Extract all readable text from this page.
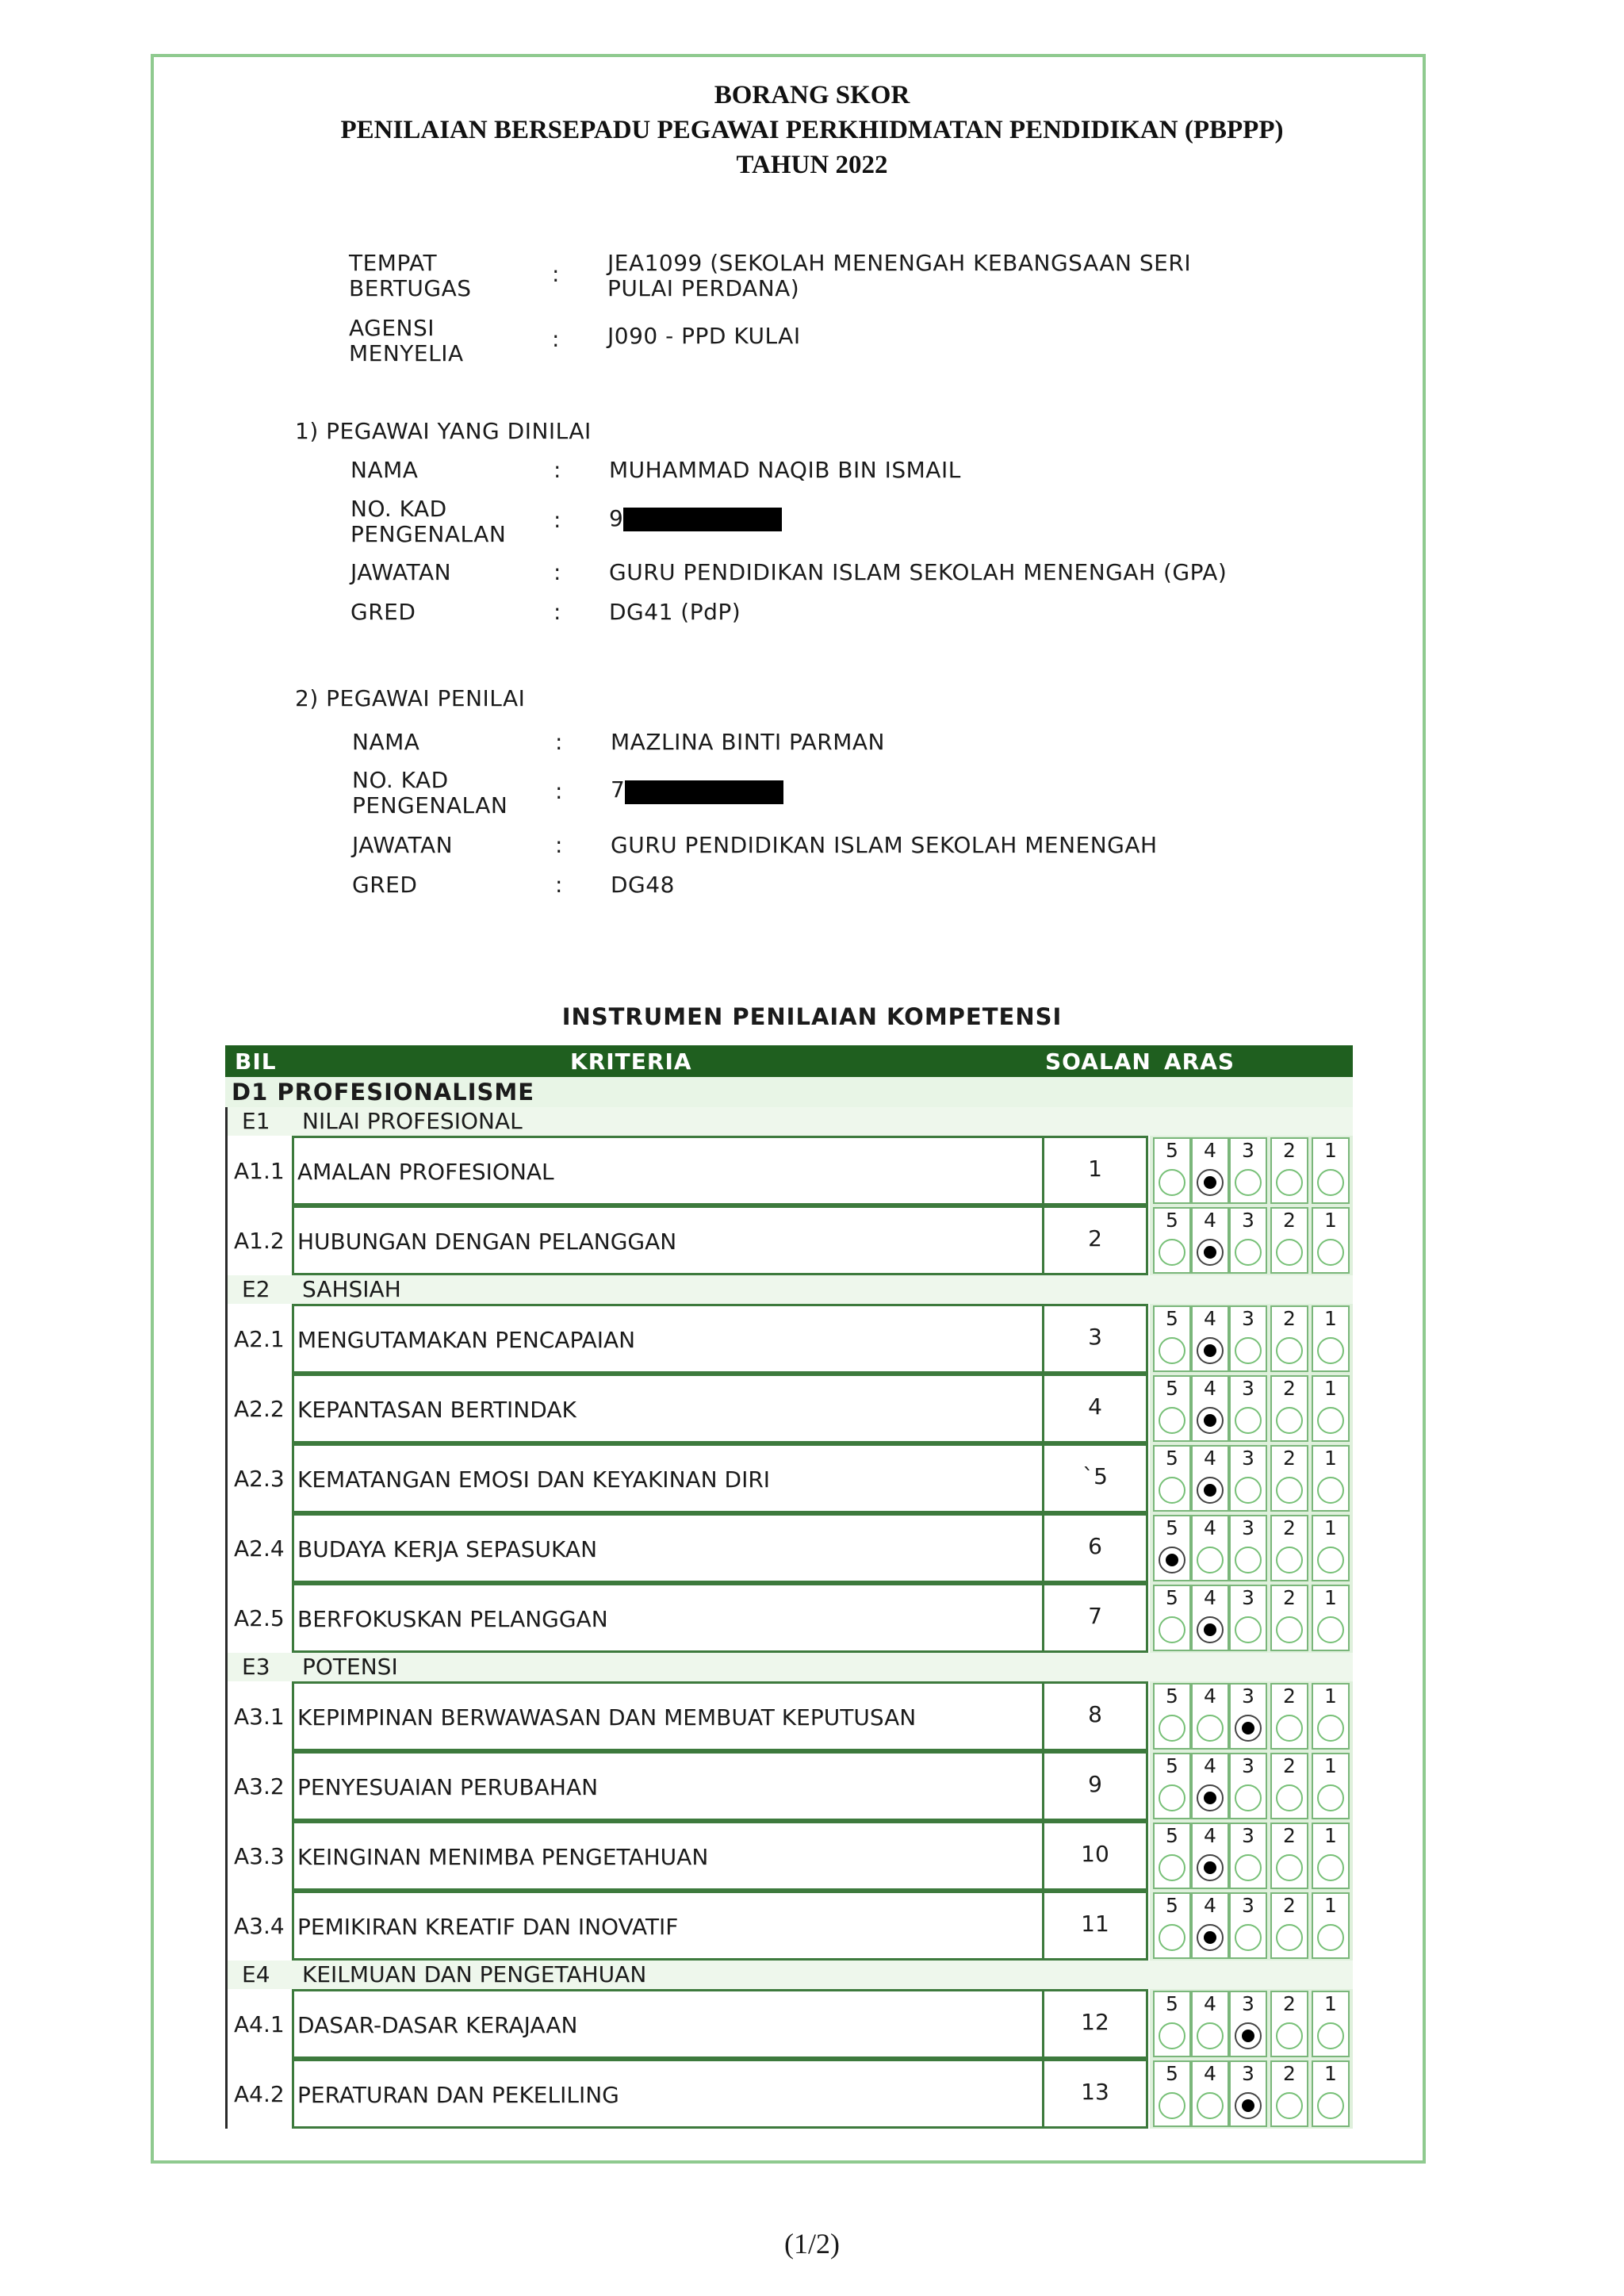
BORANG SKOR
PENILAIAN BERSEPADU PEGAWAI PERKHIDMATAN PENDIDIKAN (PBPPP)
TAHUN 2022
TEMPAT
BERTUGAS
: JEA1099 (SEKOLAH MENENGAH KEBANGSAAN SERI
PULAI PERDANA)
AGENSI
MENYELIA
: J090 - PPD KULAI
1) PEGAWAI YANG DINILAI
NAMA	: MUHAMMAD NAQIB BIN ISMAIL
NO. KAD
PENGENALAN
: 9
JAWATAN	: GURU PENDIDIKAN ISLAM SEKOLAH MENENGAH (GPA)
GRED	: DG41 (PdP)
2) PEGAWAI PENILAI
NAMA	: MAZLINA BINTI PARMAN
NO. KAD
PENGENALAN
: 7
JAWATAN	: GURU PENDIDIKAN ISLAM SEKOLAH MENENGAH
GRED	: DG48
INSTRUMEN PENILAIAN KOMPETENSI
BIL	KRITERIA	SOALAN ARAS
D1 PROFESIONALISME
E1 NILAI PROFESIONAL
A1.1 AMALAN PROFESIONAL	1
5	4	3	2	1
A1.2 HUBUNGAN DENGAN PELANGGAN	2
5	4	3	2	1
E2 SAHSIAH
A2.1 MENGUTAMAKAN PENCAPAIAN	3
5	4	3	2	1
A2.2 KEPANTASAN BERTINDAK	4
5	4	3	2	1
A2.3 KEMATANGAN EMOSI DAN KEYAKINAN DIRI	`5
5	4	3	2	1
A2.4 BUDAYA KERJA SEPASUKAN	6
5	4	3	2	1
A2.5 BERFOKUSKAN PELANGGAN	7
5	4	3	2	1
E3 POTENSI
A3.1 KEPIMPINAN BERWAWASAN DAN MEMBUAT KEPUTUSAN	8
5	4	3	2	1
A3.2 PENYESUAIAN PERUBAHAN	9
5	4	3	2	1
A3.3 KEINGINAN MENIMBA PENGETAHUAN	10
5	4	3	2	1
A3.4 PEMIKIRAN KREATIF DAN INOVATIF	11
5	4	3	2	1
E4 KEILMUAN DAN PENGETAHUAN
A4.1 DASAR-DASAR KERAJAAN	12
5	4	3	2	1
A4.2 PERATURAN DAN PEKELILING	13
5	4	3	2	1
(1/2)
